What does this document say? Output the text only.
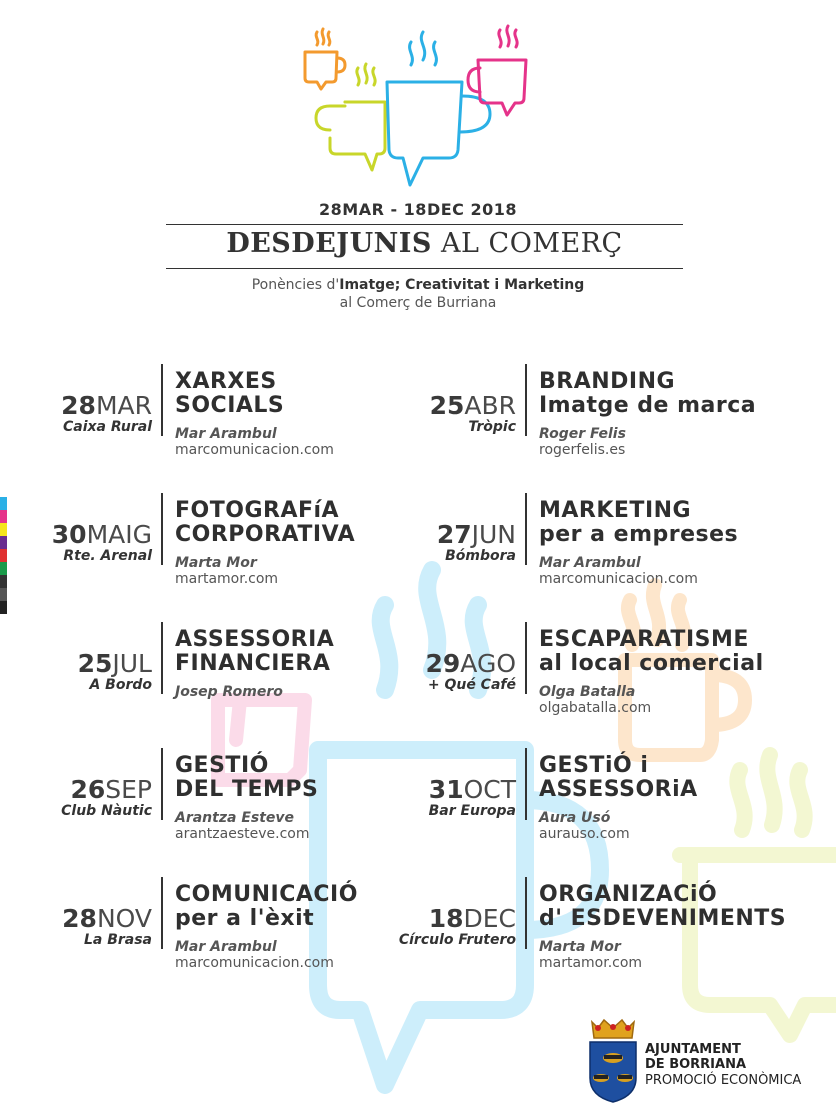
28MAR - 18DEC 2018
DESDEJUNIS AL COMERÇ
Ponències d'Imatge; Creativitat i Marketing
al Comerç de Burriana
28MAR
Caixa Rural
XARXES
SOCIALS
Mar Arambul
marcomunicacion.com
25ABR
Tròpic
BRANDING
Imatge de marca
Roger Felis
rogerfelis.es
30MAIG
Rte. Arenal
FOTOGRAFíA
CORPORATIVA
Marta Mor
martamor.com
27JUN
Bómbora
MARKETING
per a empreses
Mar Arambul
marcomunicacion.com
25JUL
A Bordo
ASSESSORIA
FINANCIERA
Josep Romero
29AGO
+ Qué Café
ESCAPARATISME
al local comercial
Olga Batalla
olgabatalla.com
26SEP
Club Nàutic
GESTIÓ
DEL TEMPS
Arantza Esteve
arantzaesteve.com
31OCT
Bar Europa
GESTiÓ i
ASSESSORiA
Aura Usó
aurauso.com
28NOV
La Brasa
COMUNICACIÓ
per a l'èxit
Mar Arambul
marcomunicacion.com
18DEC
Círculo Frutero
ORGANIZACiÓ
d' ESDEVENIMENTS
Marta Mor
martamor.com
AJUNTAMENT
DE BORRIANA
PROMOCIÓ ECONÒMICA
